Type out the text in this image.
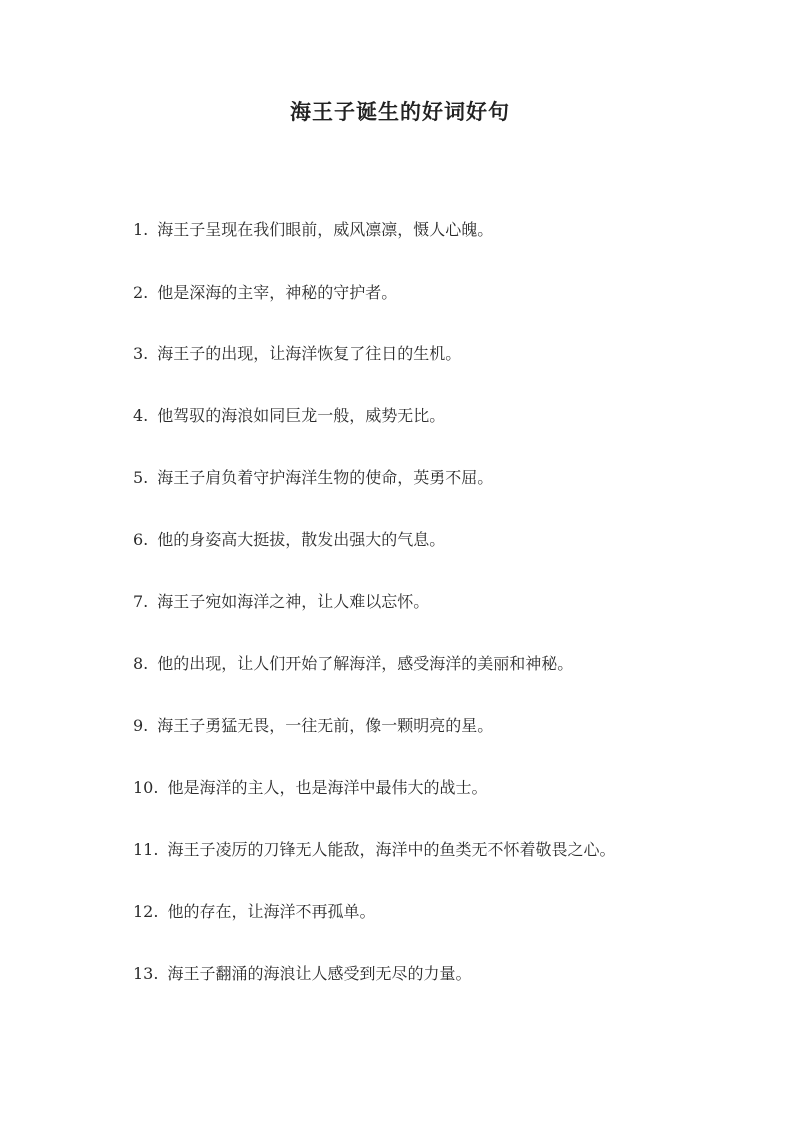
海王子诞生的好词好句
1. 海王子呈现在我们眼前，威风凛凛，慑人心魄。
2. 他是深海的主宰，神秘的守护者。
3. 海王子的出现，让海洋恢复了往日的生机。
4. 他驾驭的海浪如同巨龙一般，威势无比。
5. 海王子肩负着守护海洋生物的使命，英勇不屈。
6. 他的身姿高大挺拔，散发出强大的气息。
7. 海王子宛如海洋之神，让人难以忘怀。
8. 他的出现，让人们开始了解海洋，感受海洋的美丽和神秘。
9. 海王子勇猛无畏，一往无前，像一颗明亮的星。
10. 他是海洋的主人，也是海洋中最伟大的战士。
11. 海王子凌厉的刀锋无人能敌，海洋中的鱼类无不怀着敬畏之心。
12. 他的存在，让海洋不再孤单。
13. 海王子翻涌的海浪让人感受到无尽的力量。
